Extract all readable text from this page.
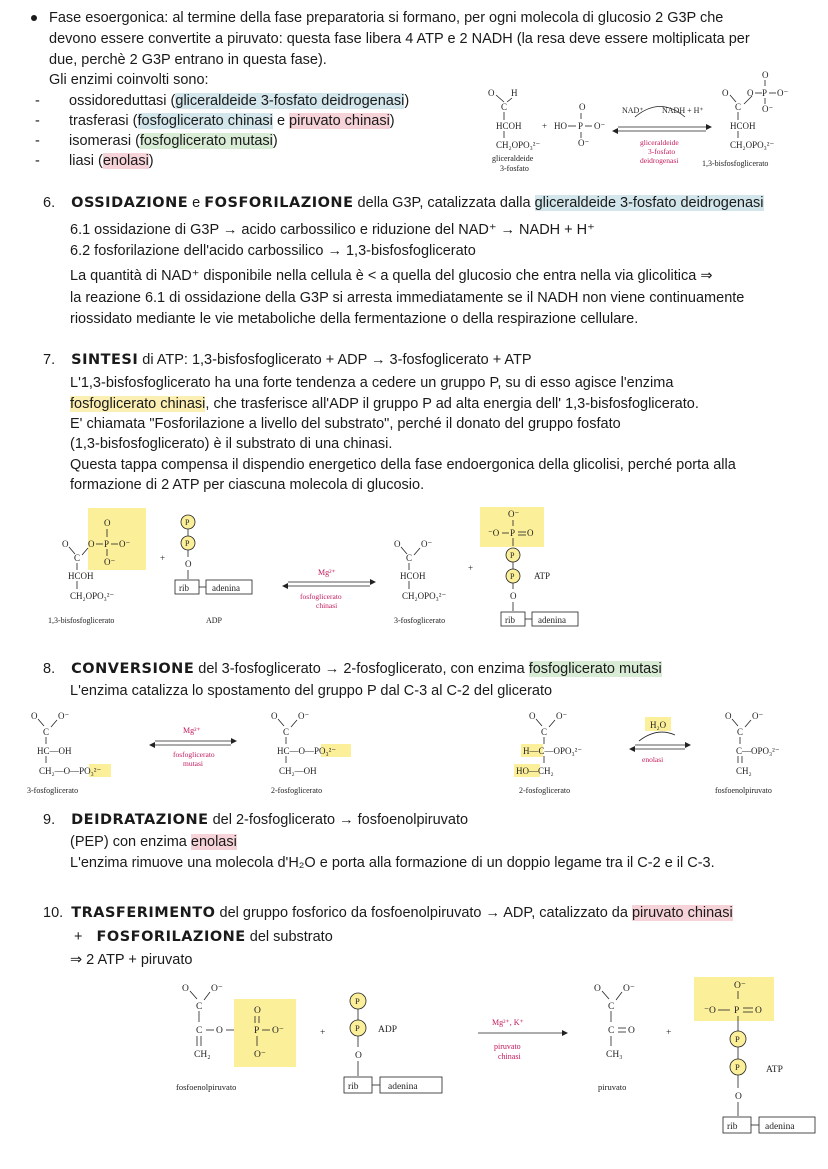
Fase esoergonica: al termine della fase preparatoria si formano, per ogni molecola di glucosio 2 G3P che
devono essere convertite a piruvato: questa fase libera 4 ATP e 2 NADH (la resa deve essere moltiplicata per
due, perchè 2 G3P entrano in questa fase).
Gli enzimi coinvolti sono:
- ossidoreduttasi (gliceraldeide 3-fosfato deidrogenasi)
- trasferasi (fosfoglicerato chinasi e piruvato chinasi)
- isomerasi (fosfoglicerato mutasi)
- liasi (enolasi)
O H
C
HCOH
CH₂OPO₃²⁻
gliceraldeide
3-fosfato
+ HO P O⁻
O
O⁻
NAD⁺ NADH + H⁺
gliceraldeide
3-fosfato
deidrogenasi
O
C
O P O⁻
O
O⁻
HCOH
CH₂OPO₃²⁻
1,3-bisfosfoglicerato
6. OSSIDAZIONE e FOSFORILAZIONE della G3P, catalizzata dalla gliceraldeide 3-fosfato deidrogenasi
6.1 ossidazione di G3P → acido carbossilico e riduzione del NAD⁺ → NADH + H⁺
6.2 fosforilazione dell'acido carbossilico → 1,3-bisfosfoglicerato
La quantità di NAD⁺ disponibile nella cellula è < a quella del glucosio che entra nella via glicolitica ⇒
la reazione 6.1 di ossidazione della G3P si arresta immediatamente se il NADH non viene continuamente
riossidato mediante le vie metaboliche della fermentazione o della respirazione cellulare.
7. SINTESI di ATP: 1,3-bisfosfoglicerato + ADP → 3-fosfoglicerato + ATP
L'1,3-bisfosfoglicerato ha una forte tendenza a cedere un gruppo P, su di esso agisce l'enzima
fosfoglicerato chinasi, che trasferisce all'ADP il gruppo P ad alta energia dell' 1,3-bisfosfoglicerato.
E' chiamata "Fosforilazione a livello del substrato", perché il donato del gruppo fosfato
(1,3-bisfosfoglicerato) è il substrato di una chinasi.
Questa tappa compensa il dispendio energetico della fase endoergonica della glicolisi, perché porta alla
formazione di 2 ATP per ciascuna molecola di glucosio.
O
C
O P O⁻
O
O⁻
HCOH
CH₂OPO₃²⁻
1,3-bisfosfoglicerato
+
P
P
O
rib	adenina
ADP
Mg²⁺
fosfoglicerato
chinasi
O
C
O⁻
HCOH
CH₂OPO₃²⁻
3-fosfoglicerato
+
O⁻
⁻O P O
P
P ATP
O
rib	adenina
8. CONVERSIONE del 3-fosfoglicerato → 2-fosfoglicerato, con enzima fosfoglicerato mutasi
L'enzima catalizza lo spostamento del gruppo P dal C-3 al C-2 del glicerato
O
C
O⁻
HC—OH
CH₂—O—PO₃²⁻
3-fosfoglicerato
Mg²⁺
fosfoglicerato
mutasi
O
C
O⁻
HC—O—PO₃²⁻
CH₂—OH
2-fosfoglicerato
O
C
O⁻
H—C—OPO₃²⁻
HO—CH₂
2-fosfoglicerato
H₂O
enolasi
O
C
O⁻
C—OPO₃²⁻
CH₂
fosfoenolpiruvato
9. DEIDRATAZIONE del 2-fosfoglicerato → fosfoenolpiruvato
(PEP) con enzima enolasi
L'enzima rimuove una molecola d'H₂O e porta alla formazione di un doppio legame tra il C-2 e il C-3.
10. TRASFERIMENTO del gruppo fosforico da fosfoenolpiruvato → ADP, catalizzato da piruvato chinasi
+ FOSFORILAZIONE del substrato
⇒ 2 ATP + piruvato
O
C
O⁻
C O
O
P O⁻
O⁻
CH₂
fosfoenolpiruvato
+
P
P ADP
O
rib	adenina
Mg²⁺, K⁺
piruvato
chinasi
O
C
O⁻
C O
CH₃
piruvato
+
O⁻
⁻O P O
P
P	ATP
O
rib	adenina
